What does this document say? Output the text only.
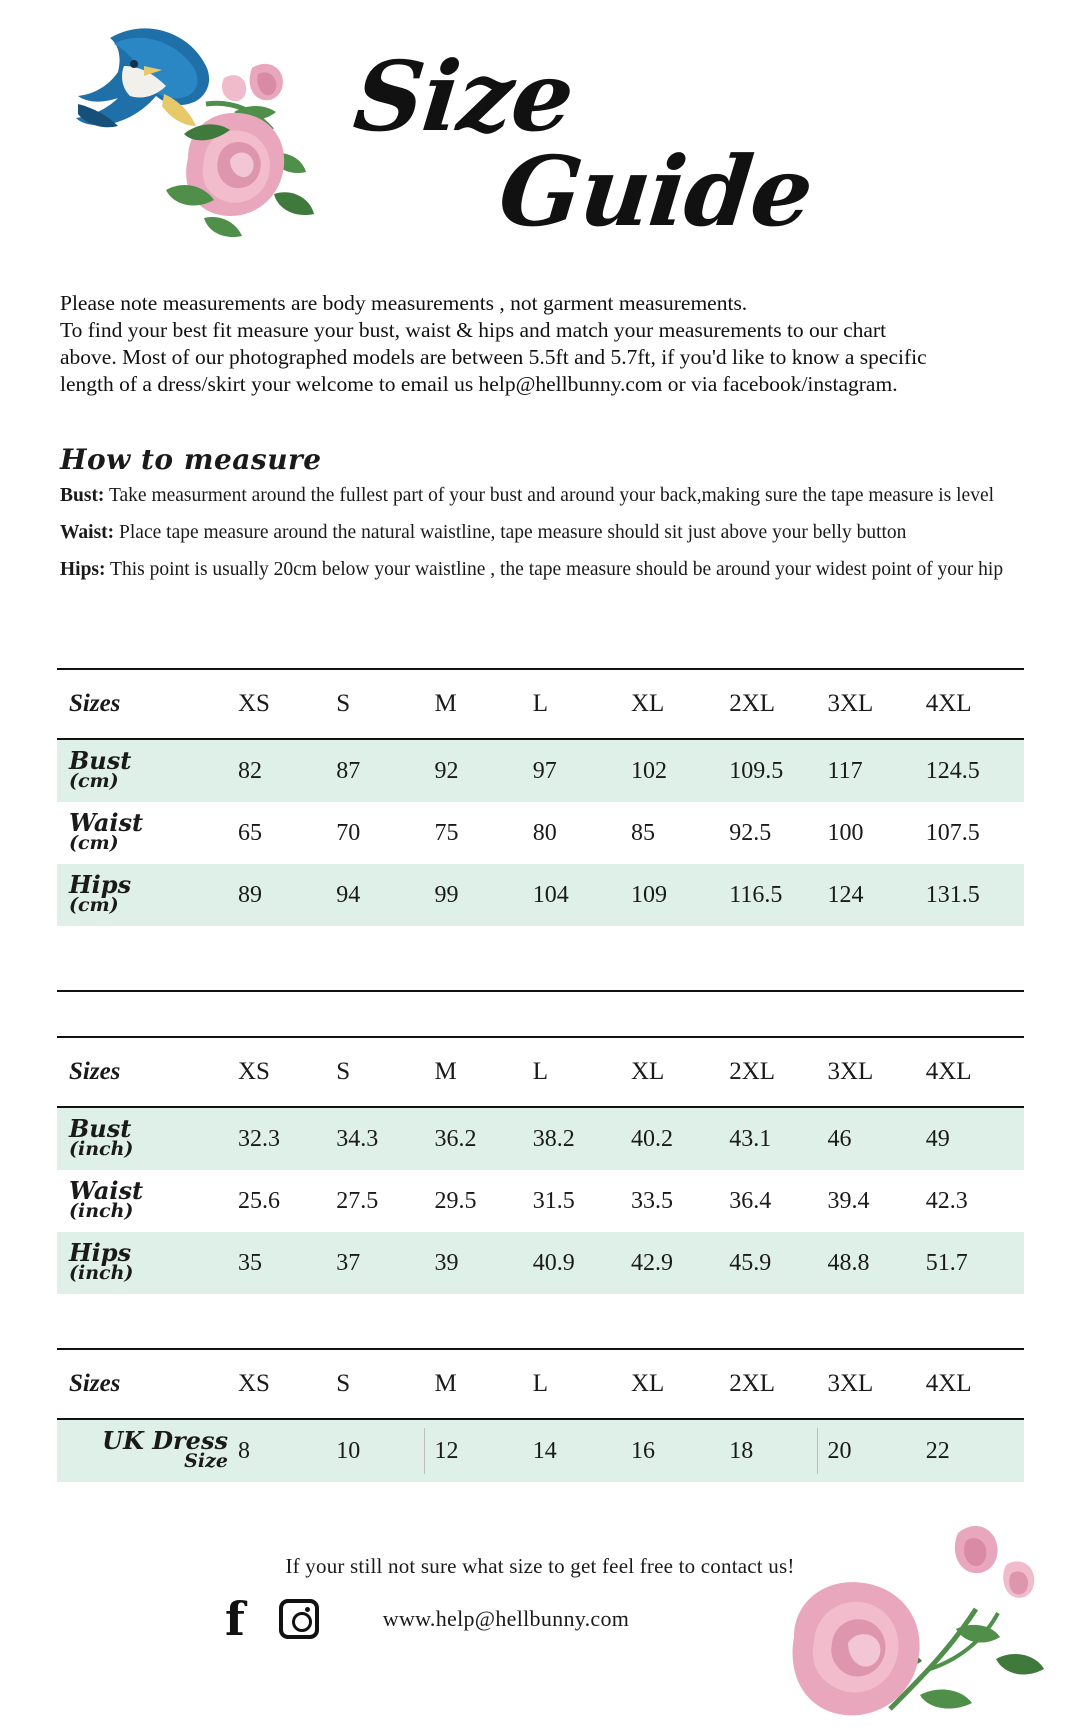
Size
Guide
Please note measurements are body measurements , not garment measurements.
To find your best fit measure your bust, waist & hips and match your measurements to our chart
above. Most of our photographed models are between 5.5ft and 5.7ft, if you'd like to know a specific
length of a dress/skirt your welcome to email us help@hellbunny.com or via facebook/instagram.
How to measure
Bust: Take measurment around the fullest part of your bust and around your back,making sure the tape measure is level
Waist: Place tape measure around the natural waistline, tape measure should sit just above your belly button
Hips: This point is usually 20cm below your waistline , the tape measure should be around your widest point of your hip
Sizes	XS	S	M	L	XL	2XL	3XL	4XL
Bust
(cm)	82	87	92	97	102	109.5	117	124.5
Waist
(cm)	65	70	75	80	85	92.5	100	107.5
Hips
(cm)	89	94	99	104	109	116.5	124	131.5
Sizes	XS	S	M	L	XL	2XL	3XL	4XL
Bust
(inch)	32.3	34.3	36.2	38.2	40.2	43.1	46	49
Waist
(inch)	25.6	27.5	29.5	31.5	33.5	36.4	39.4	42.3
Hips
(inch)	35	37	39	40.9	42.9	45.9	48.8	51.7
Sizes	XS	S	M	L	XL	2XL	3XL	4XL
UK Dress
Size	8	10	12	14	16	18	20	22
If your still not sure what size to get feel free to contact us!
f	www.help@hellbunny.com
